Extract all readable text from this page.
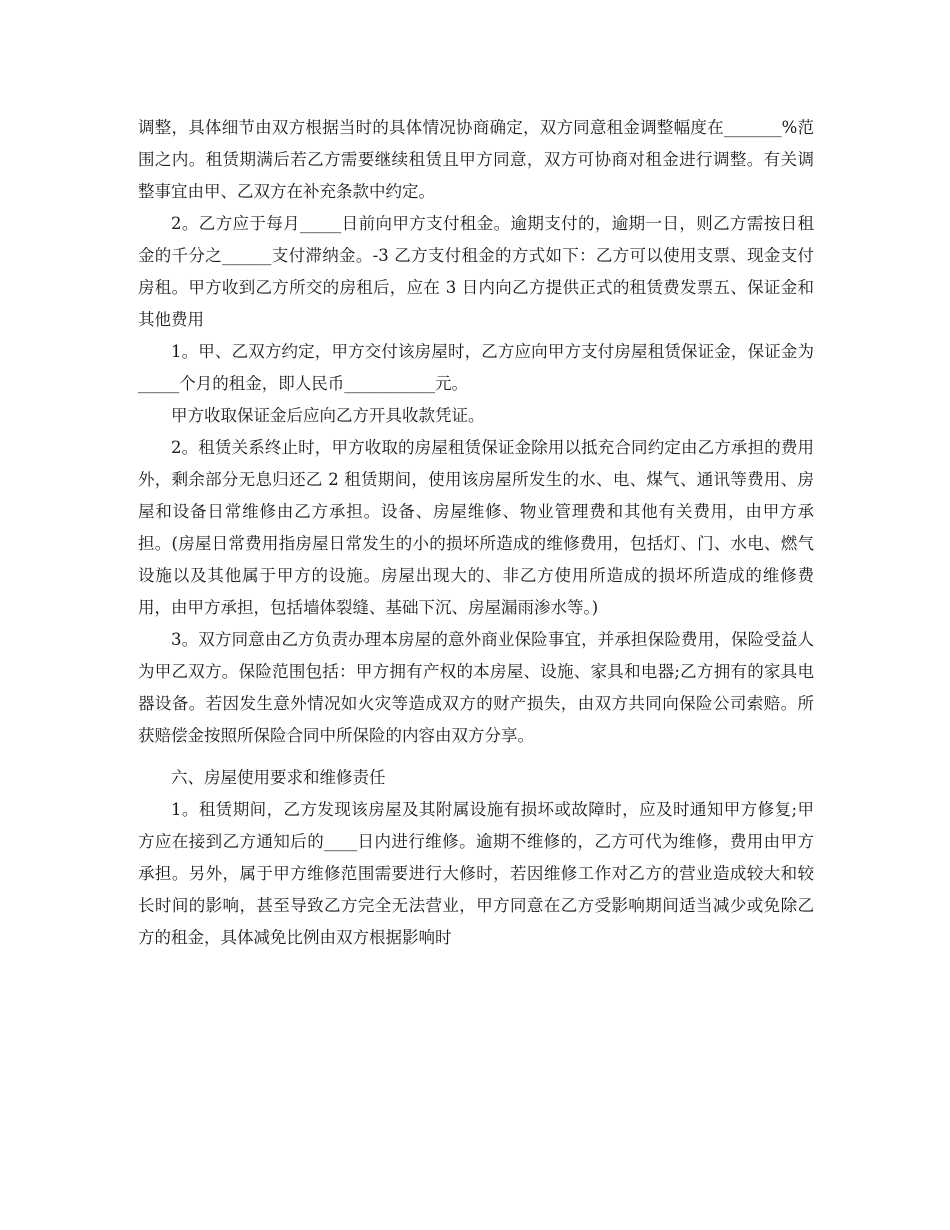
调整，具体细节由双方根据当时的具体情况协商确定，双方同意租金调整幅度在_______%范围之内。租赁期满后若乙方需要继续租赁且甲方同意，双方可协商对租金进行调整。有关调整事宜由甲、乙双方在补充条款中约定。

2。乙方应于每月_____日前向甲方支付租金。逾期支付的，逾期一日，则乙方需按日租金的千分之______支付滞纳金。-3 乙方支付租金的方式如下：乙方可以使用支票、现金支付房租。甲方收到乙方所交的房租后，应在 3 日内向乙方提供正式的租赁费发票五、保证金和其他费用

1。甲、乙双方约定，甲方交付该房屋时，乙方应向甲方支付房屋租赁保证金，保证金为_____个月的租金，即人民币___________元。

甲方收取保证金后应向乙方开具收款凭证。

2。租赁关系终止时，甲方收取的房屋租赁保证金除用以抵充合同约定由乙方承担的费用外，剩余部分无息归还乙 2 租赁期间，使用该房屋所发生的水、电、煤气、通讯等费用、房屋和设备日常维修由乙方承担。设备、房屋维修、物业管理费和其他有关费用，由甲方承担。(房屋日常费用指房屋日常发生的小的损坏所造成的维修费用，包括灯、门、水电、燃气设施以及其他属于甲方的设施。房屋出现大的、非乙方使用所造成的损坏所造成的维修费用，由甲方承担，包括墙体裂缝、基础下沉、房屋漏雨渗水等。)

3。双方同意由乙方负责办理本房屋的意外商业保险事宜，并承担保险费用，保险受益人为甲乙双方。保险范围包括：甲方拥有产权的本房屋、设施、家具和电器;乙方拥有的家具电器设备。若因发生意外情况如火灾等造成双方的财产损失，由双方共同向保险公司索赔。所获赔偿金按照所保险合同中所保险的内容由双方分享。

六、房屋使用要求和维修责任

1。租赁期间，乙方发现该房屋及其附属设施有损坏或故障时，应及时通知甲方修复;甲方应在接到乙方通知后的____日内进行维修。逾期不维修的，乙方可代为维修，费用由甲方承担。另外，属于甲方维修范围需要进行大修时，若因维修工作对乙方的营业造成较大和较长时间的影响，甚至导致乙方完全无法营业，甲方同意在乙方受影响期间适当减少或免除乙方的租金，具体减免比例由双方根据影响时
